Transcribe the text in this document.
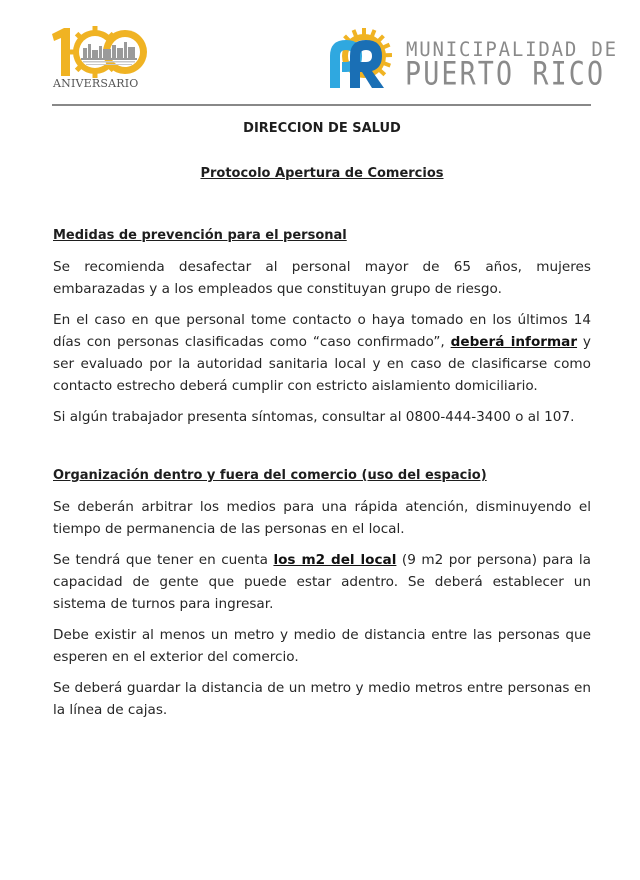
ANIVERSARIO
MUNICIPALIDAD DE
PUERTO RICO
DIRECCION DE SALUD
Protocolo Apertura de Comercios
Medidas de prevención para el personal

Se recomienda desafectar al personal mayor de 65 años, mujeres embarazadas y a los empleados que constituyan grupo de riesgo.

En el caso en que personal tome contacto o haya tomado en los últimos 14 días con personas clasificadas como “caso confirmado”, deberá informar y ser evaluado por la autoridad sanitaria local y en caso de clasificarse como contacto estrecho deberá cumplir con estricto aislamiento domiciliario.

Si algún trabajador presenta síntomas, consultar al 0800-444-3400 o al 107.

Organización dentro y fuera del comercio (uso del espacio)

Se deberán arbitrar los medios para una rápida atención, disminuyendo el tiempo de permanencia de las personas en el local.

Se tendrá que tener en cuenta los m2 del local (9 m2 por persona) para la capacidad de gente que puede estar adentro. Se deberá establecer un sistema de turnos para ingresar.

Debe existir al menos un metro y medio de distancia entre las personas que esperen en el exterior del comercio.

Se deberá guardar la distancia de un metro y medio metros entre personas en la línea de cajas.
